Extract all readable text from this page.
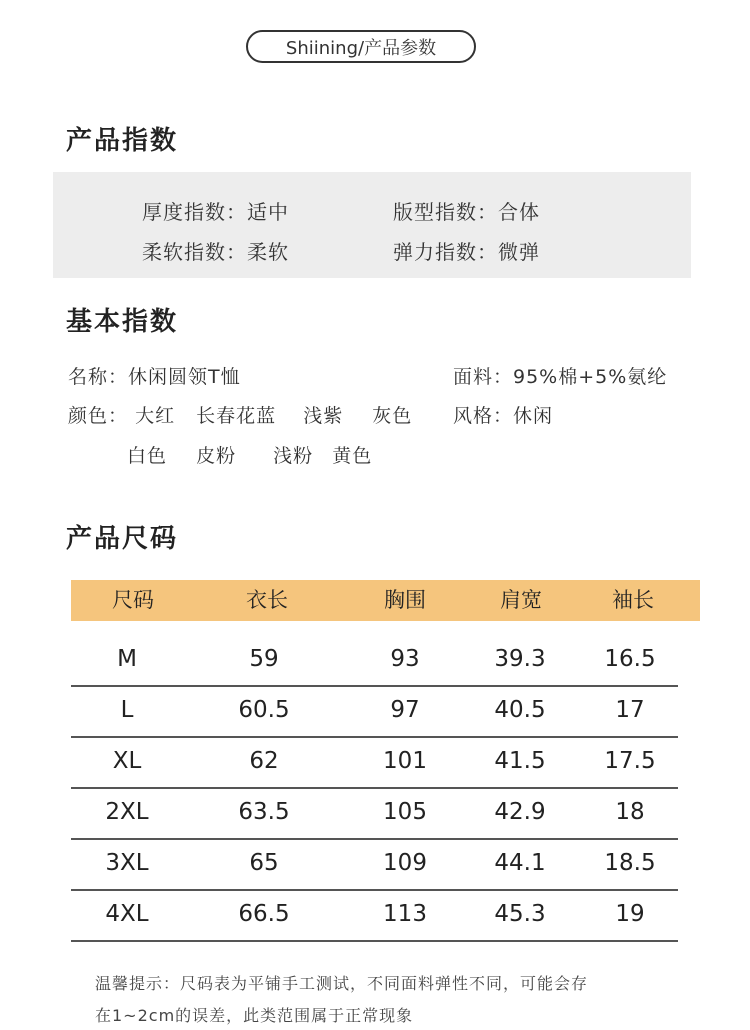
Shiining/产品参数
产品指数
厚度指数：适中	版型指数：合体
柔软指数：柔软	弹力指数：微弹
基本指数
名称：休闲圆领T恤	面料：95%棉+5%氨纶
颜色： 大红 长春花蓝 浅紫 灰色 风格：休闲
白色 皮粉 浅粉 黄色
产品尺码
尺码	衣长	胸围	肩宽	袖长
M	59	93	39.3	16.5
L	60.5	97	40.5	17
XL	62	101	41.5	17.5
2XL	63.5	105	42.9	18
3XL	65	109	44.1	18.5
4XL	66.5	113	45.3	19
温馨提示：尺码表为平铺手工测试，不同面料弹性不同，可能会存
在1~2cm的误差，此类范围属于正常现象
